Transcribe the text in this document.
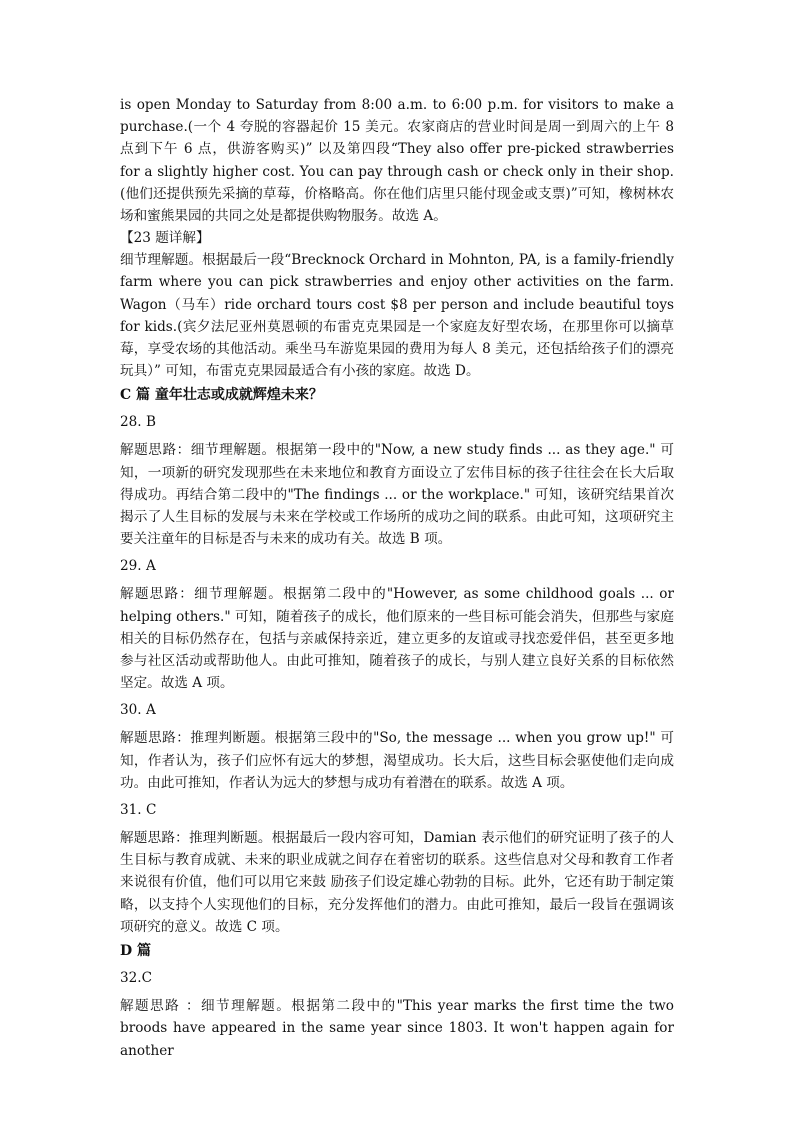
is open Monday to Saturday from 8:00 a.m. to 6:00 p.m. for visitors to make a purchase.(一个 4 夸脱的容器起价 15 美元。农家商店的营业时间是周一到周六的上午 8 点到下午 6 点，供游客购买)” 以及第四段“They also offer pre-picked strawberries for a slightly higher cost. You can pay through cash or check only in their shop.(他们还提供预先采摘的草莓，价格略高。你在他们店里只能付现金或支票)”可知，橡树林农场和蜜熊果园的共同之处是都提供购物服务。故选 A。

【23 题详解】

细节理解题。根据最后一段“Brecknock Orchard in Mohnton, PA, is a family-friendly farm where you can pick strawberries and enjoy other activities on the farm. Wagon（马车）ride orchard tours cost $8 per person and include beautiful toys for kids.(宾夕法尼亚州莫恩顿的布雷克克果园是一个家庭友好型农场，在那里你可以摘草莓，享受农场的其他活动。乘坐马车游览果园的费用为每人 8 美元，还包括给孩子们的漂亮玩具）” 可知，布雷克克果园最适合有小孩的家庭。故选 D。

C 篇 童年壮志或成就辉煌未来？

28. B

解题思路：细节理解题。根据第一段中的"Now, a new study finds ... as they age." 可知，一项新的研究发现那些在未来地位和教育方面设立了宏伟目标的孩子往往会在长大后取得成功。再结合第二段中的"The findings ... or the workplace." 可知，该研究结果首次揭示了人生目标的发展与未来在学校或工作场所的成功之间的联系。由此可知，这项研究主要关注童年的目标是否与未来的成功有关。故选 B 项。

29. A

解题思路：细节理解题。根据第二段中的"However, as some childhood goals ... or helping others." 可知，随着孩子的成长，他们原来的一些目标可能会消失，但那些与家庭相关的目标仍然存在，包括与亲戚保持亲近，建立更多的友谊或寻找恋爱伴侣，甚至更多地参与社区活动或帮助他人。由此可推知，随着孩子的成长，与别人建立良好关系的目标依然坚定。故选 A 项。

30. A

解题思路：推理判断题。根据第三段中的"So, the message ... when you grow up!" 可知，作者认为，孩子们应怀有远大的梦想，渴望成功。长大后，这些目标会驱使他们走向成功。由此可推知，作者认为远大的梦想与成功有着潜在的联系。故选 A 项。

31. C

解题思路：推理判断题。根据最后一段内容可知，Damian 表示他们的研究证明了孩子的人生目标与教育成就、未来的职业成就之间存在着密切的联系。这些信息对父母和教育工作者来说很有价值，他们可以用它来鼓 励孩子们设定雄心勃勃的目标。此外，它还有助于制定策略，以支持个人实现他们的目标，充分发挥他们的潜力。由此可推知，最后一段旨在强调该项研究的意义。故选 C 项。

D 篇

32.C

解题思路 ：细节理解题。根据第二段中的"This year marks the first time the two broods have appeared in the same year since 1803. It won't happen again for another
